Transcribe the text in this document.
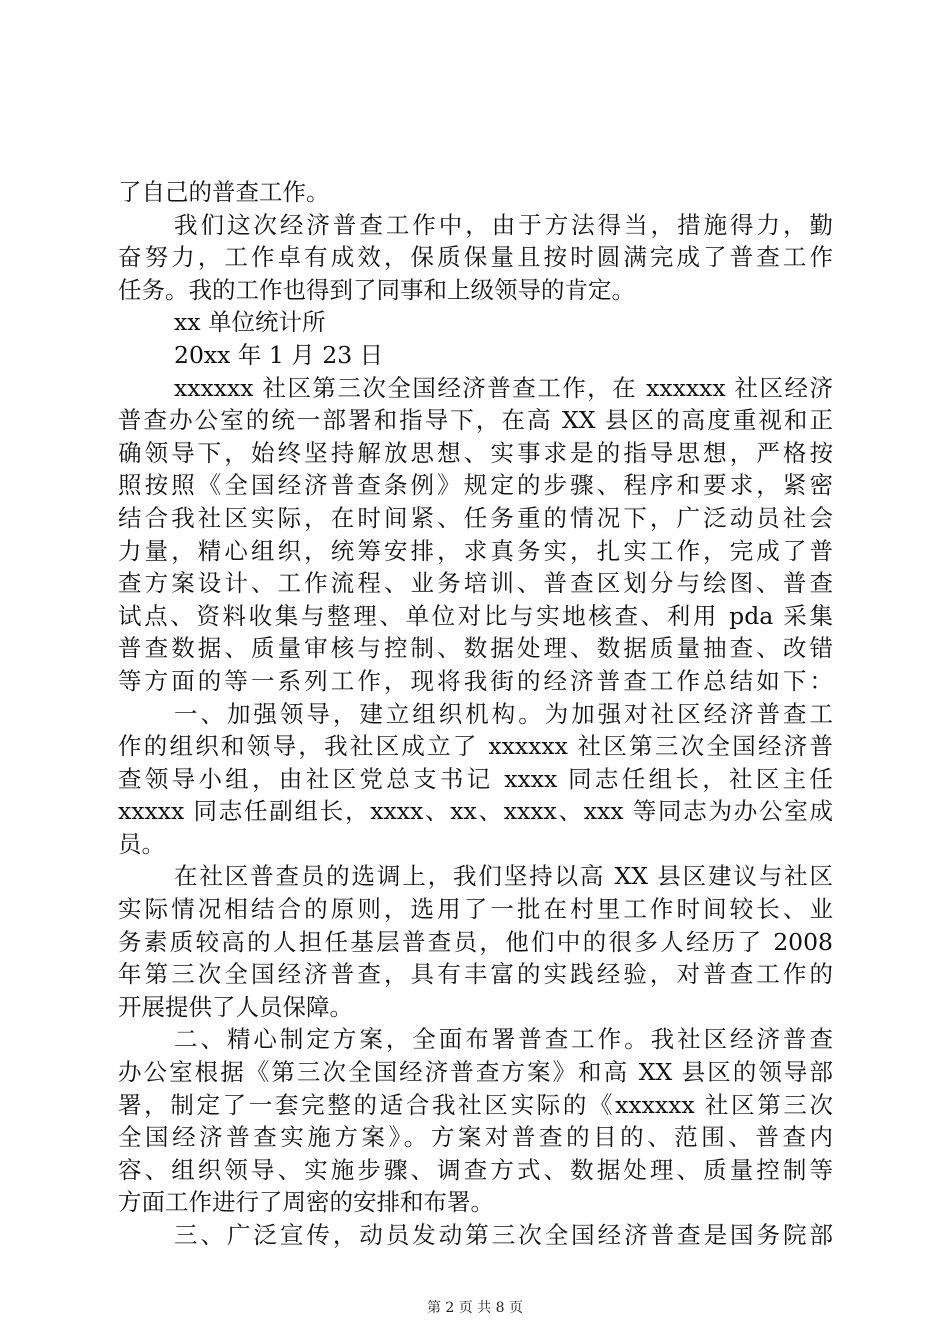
了自己的普查工作。
我们这次经济普查工作中，由于方法得当，措施得力，勤
奋努力，工作卓有成效，保质保量且按时圆满完成了普查工作
任务。我的工作也得到了同事和上级领导的肯定。
xx 单位统计所
20xx 年 1 月 23 日
xxxxxx 社区第三次全国经济普查工作，在 xxxxxx 社区经济
普查办公室的统一部署和指导下，在高 XX 县区的高度重视和正
确领导下，始终坚持解放思想、实事求是的指导思想，严格按
照按照《全国经济普查条例》规定的步骤、程序和要求，紧密
结合我社区实际，在时间紧、任务重的情况下，广泛动员社会
力量，精心组织，统筹安排，求真务实，扎实工作，完成了普
查方案设计、工作流程、业务培训、普查区划分与绘图、普查
试点、资料收集与整理、单位对比与实地核查、利用 pda 采集
普查数据、质量审核与控制、数据处理、数据质量抽查、改错
等方面的等一系列工作，现将我街的经济普查工作总结如下：
一、加强领导，建立组织机构。为加强对社区经济普查工
作的组织和领导，我社区成立了 xxxxxx 社区第三次全国经济普
查领导小组，由社区党总支书记 xxxx 同志任组长，社区主任
xxxxx 同志任副组长，xxxx、xx、xxxx、xxx 等同志为办公室成
员。
在社区普查员的选调上，我们坚持以高 XX 县区建议与社区
实际情况相结合的原则，选用了一批在村里工作时间较长、业
务素质较高的人担任基层普查员，他们中的很多人经历了 2008
年第三次全国经济普查，具有丰富的实践经验，对普查工作的
开展提供了人员保障。
二、精心制定方案，全面布署普查工作。我社区经济普查
办公室根据《第三次全国经济普查方案》和高 XX 县区的领导部
署，制定了一套完整的适合我社区实际的《xxxxxx 社区第三次
全国经济普查实施方案》。方案对普查的目的、范围、普查内
容、组织领导、实施步骤、调查方式、数据处理、质量控制等
方面工作进行了周密的安排和布署。
三、广泛宣传，动员发动第三次全国经济普查是国务院部
第 2 页 共 8 页
